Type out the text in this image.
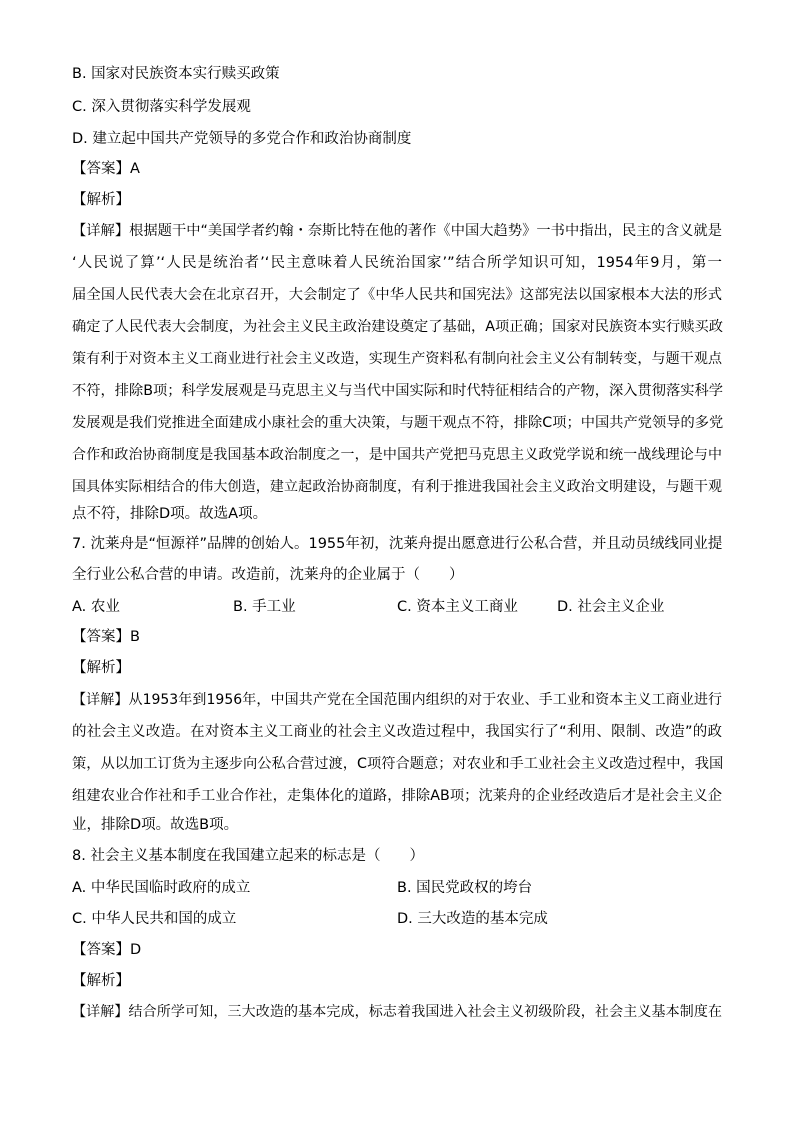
B. 国家对民族资本实行赎买政策
C. 深入贯彻落实科学发展观
D. 建立起中国共产党领导的多党合作和政治协商制度
【答案】A
【解析】
【详解】根据题干中“美国学者约翰・奈斯比特在他的著作《中国大趋势》一书中指出，民主的含义就是
‘人民说了算’‘人民是统治者’‘民主意味着人民统治国家’”结合所学知识可知，1954年9月，第一
届全国人民代表大会在北京召开，大会制定了《中华人民共和国宪法》这部宪法以国家根本大法的形式
确定了人民代表大会制度，为社会主义民主政治建设奠定了基础，A项正确；国家对民族资本实行赎买政
策有利于对资本主义工商业进行社会主义改造，实现生产资料私有制向社会主义公有制转变，与题干观点
不符，排除B项；科学发展观是马克思主义与当代中国实际和时代特征相结合的产物，深入贯彻落实科学
发展观是我们党推进全面建成小康社会的重大决策，与题干观点不符，排除C项；中国共产党领导的多党
合作和政治协商制度是我国基本政治制度之一，是中国共产党把马克思主义政党学说和统一战线理论与中
国具体实际相结合的伟大创造，建立起政治协商制度，有利于推进我国社会主义政治文明建设，与题干观
点不符，排除D项。故选A项。
7. 沈莱舟是“恒源祥”品牌的创始人。1955年初，沈莱舟提出愿意进行公私合营，并且动员绒线同业提
全行业公私合营的申请。改造前，沈莱舟的企业属于（　　）
A. 农业	B. 手工业	C. 资本主义工商业	D. 社会主义企业
【答案】B
【解析】
【详解】从1953年到1956年，中国共产党在全国范围内组织的对于农业、手工业和资本主义工商业进行
的社会主义改造。在对资本主义工商业的社会主义改造过程中，我国实行了“利用、限制、改造”的政
策，从以加工订货为主逐步向公私合营过渡，C项符合题意；对农业和手工业社会主义改造过程中，我国
组建农业合作社和手工业合作社，走集体化的道路，排除AB项；沈莱舟的企业经改造后才是社会主义企
业，排除D项。故选B项。
8. 社会主义基本制度在我国建立起来的标志是（　　）
A. 中华民国临时政府的成立	B. 国民党政权的垮台
C. 中华人民共和国的成立	D. 三大改造的基本完成
【答案】D
【解析】
【详解】结合所学可知，三大改造的基本完成，标志着我国进入社会主义初级阶段，社会主义基本制度在
